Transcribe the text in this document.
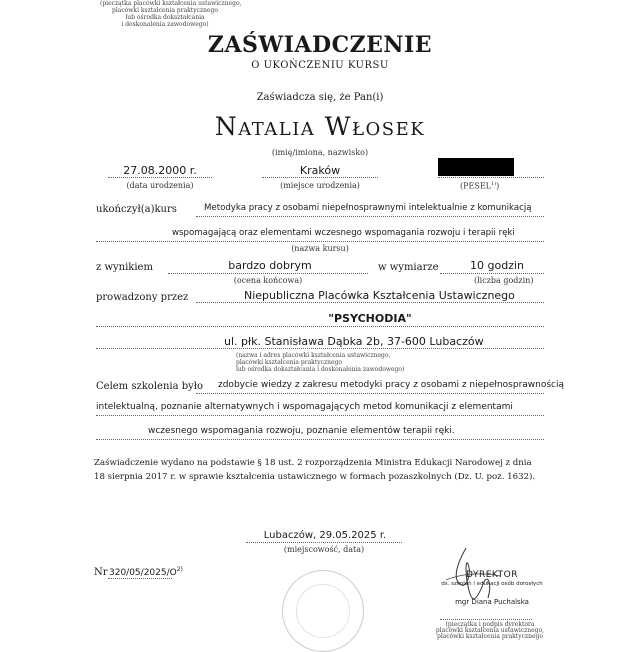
(pieczątka placówki kształcenia ustawicznego,
placówki kształcenia praktycznego
lub ośrodka dokształcania
i doskonalenia zawodowego)
ZAŚWIADCZENIE
O UKOŃCZENIU KURSU
Zaświadcza się, że Pan(i)
Natalia Włosek
(imię/imiona, nazwisko)
27.08.2000 r.
(data urodzenia)
Kraków
(miejsce urodzenia)	(PESEL$^{1)}$)
ukończył(a)kurs	Metodyka pracy z osobami niepełnosprawnymi intelektualnie z komunikacją
wspomagającą oraz elementami wczesnego wspomagania rozwoju i terapii ręki
(nazwa kursu)
z wynikiem	bardzo dobrym
(ocena końcowa)
w wymiarze	10 godzin
(liczba godzin)
prowadzony przez	Niepubliczna Placówka Kształcenia Ustawicznego
"PSYCHODIA"
ul. płk. Stanisława Dąbka 2b, 37-600 Lubaczów
(nazwa i adres placówki kształcenia ustawicznego,
placówki kształcenia praktycznego
lub ośrodka dokształcania i doskonalenia zawodowego)
Celem szkolenia było zdobycie wiedzy z zakresu metodyki pracy z osobami z niepełnosprawnością
intelektualną, poznanie alternatywnych i wspomagających metod komunikacji z elementami
wczesnego wspomagania rozwoju, poznanie elementów terapii ręki.
Zaświadczenie wydano na podstawie § 18 ust. 2 rozporządzenia Ministra Edukacji Narodowej z dnia
18 sierpnia 2017 r. w sprawie kształcenia ustawicznego w formach pozaszkolnych (Dz. U. poz. 1632).
Lubaczów, 29.05.2025 r.
(miejscowość, data)
Nr $320/05/2025/O^{2)}$
DYREKTOR
ds. szkoleń i edukacji osób dorosłych
mgr Diana Puchalska
(pieczątka i podpis dyrektora
placówki kształcenia ustawicznego,
placówki kształcenia praktycznego
